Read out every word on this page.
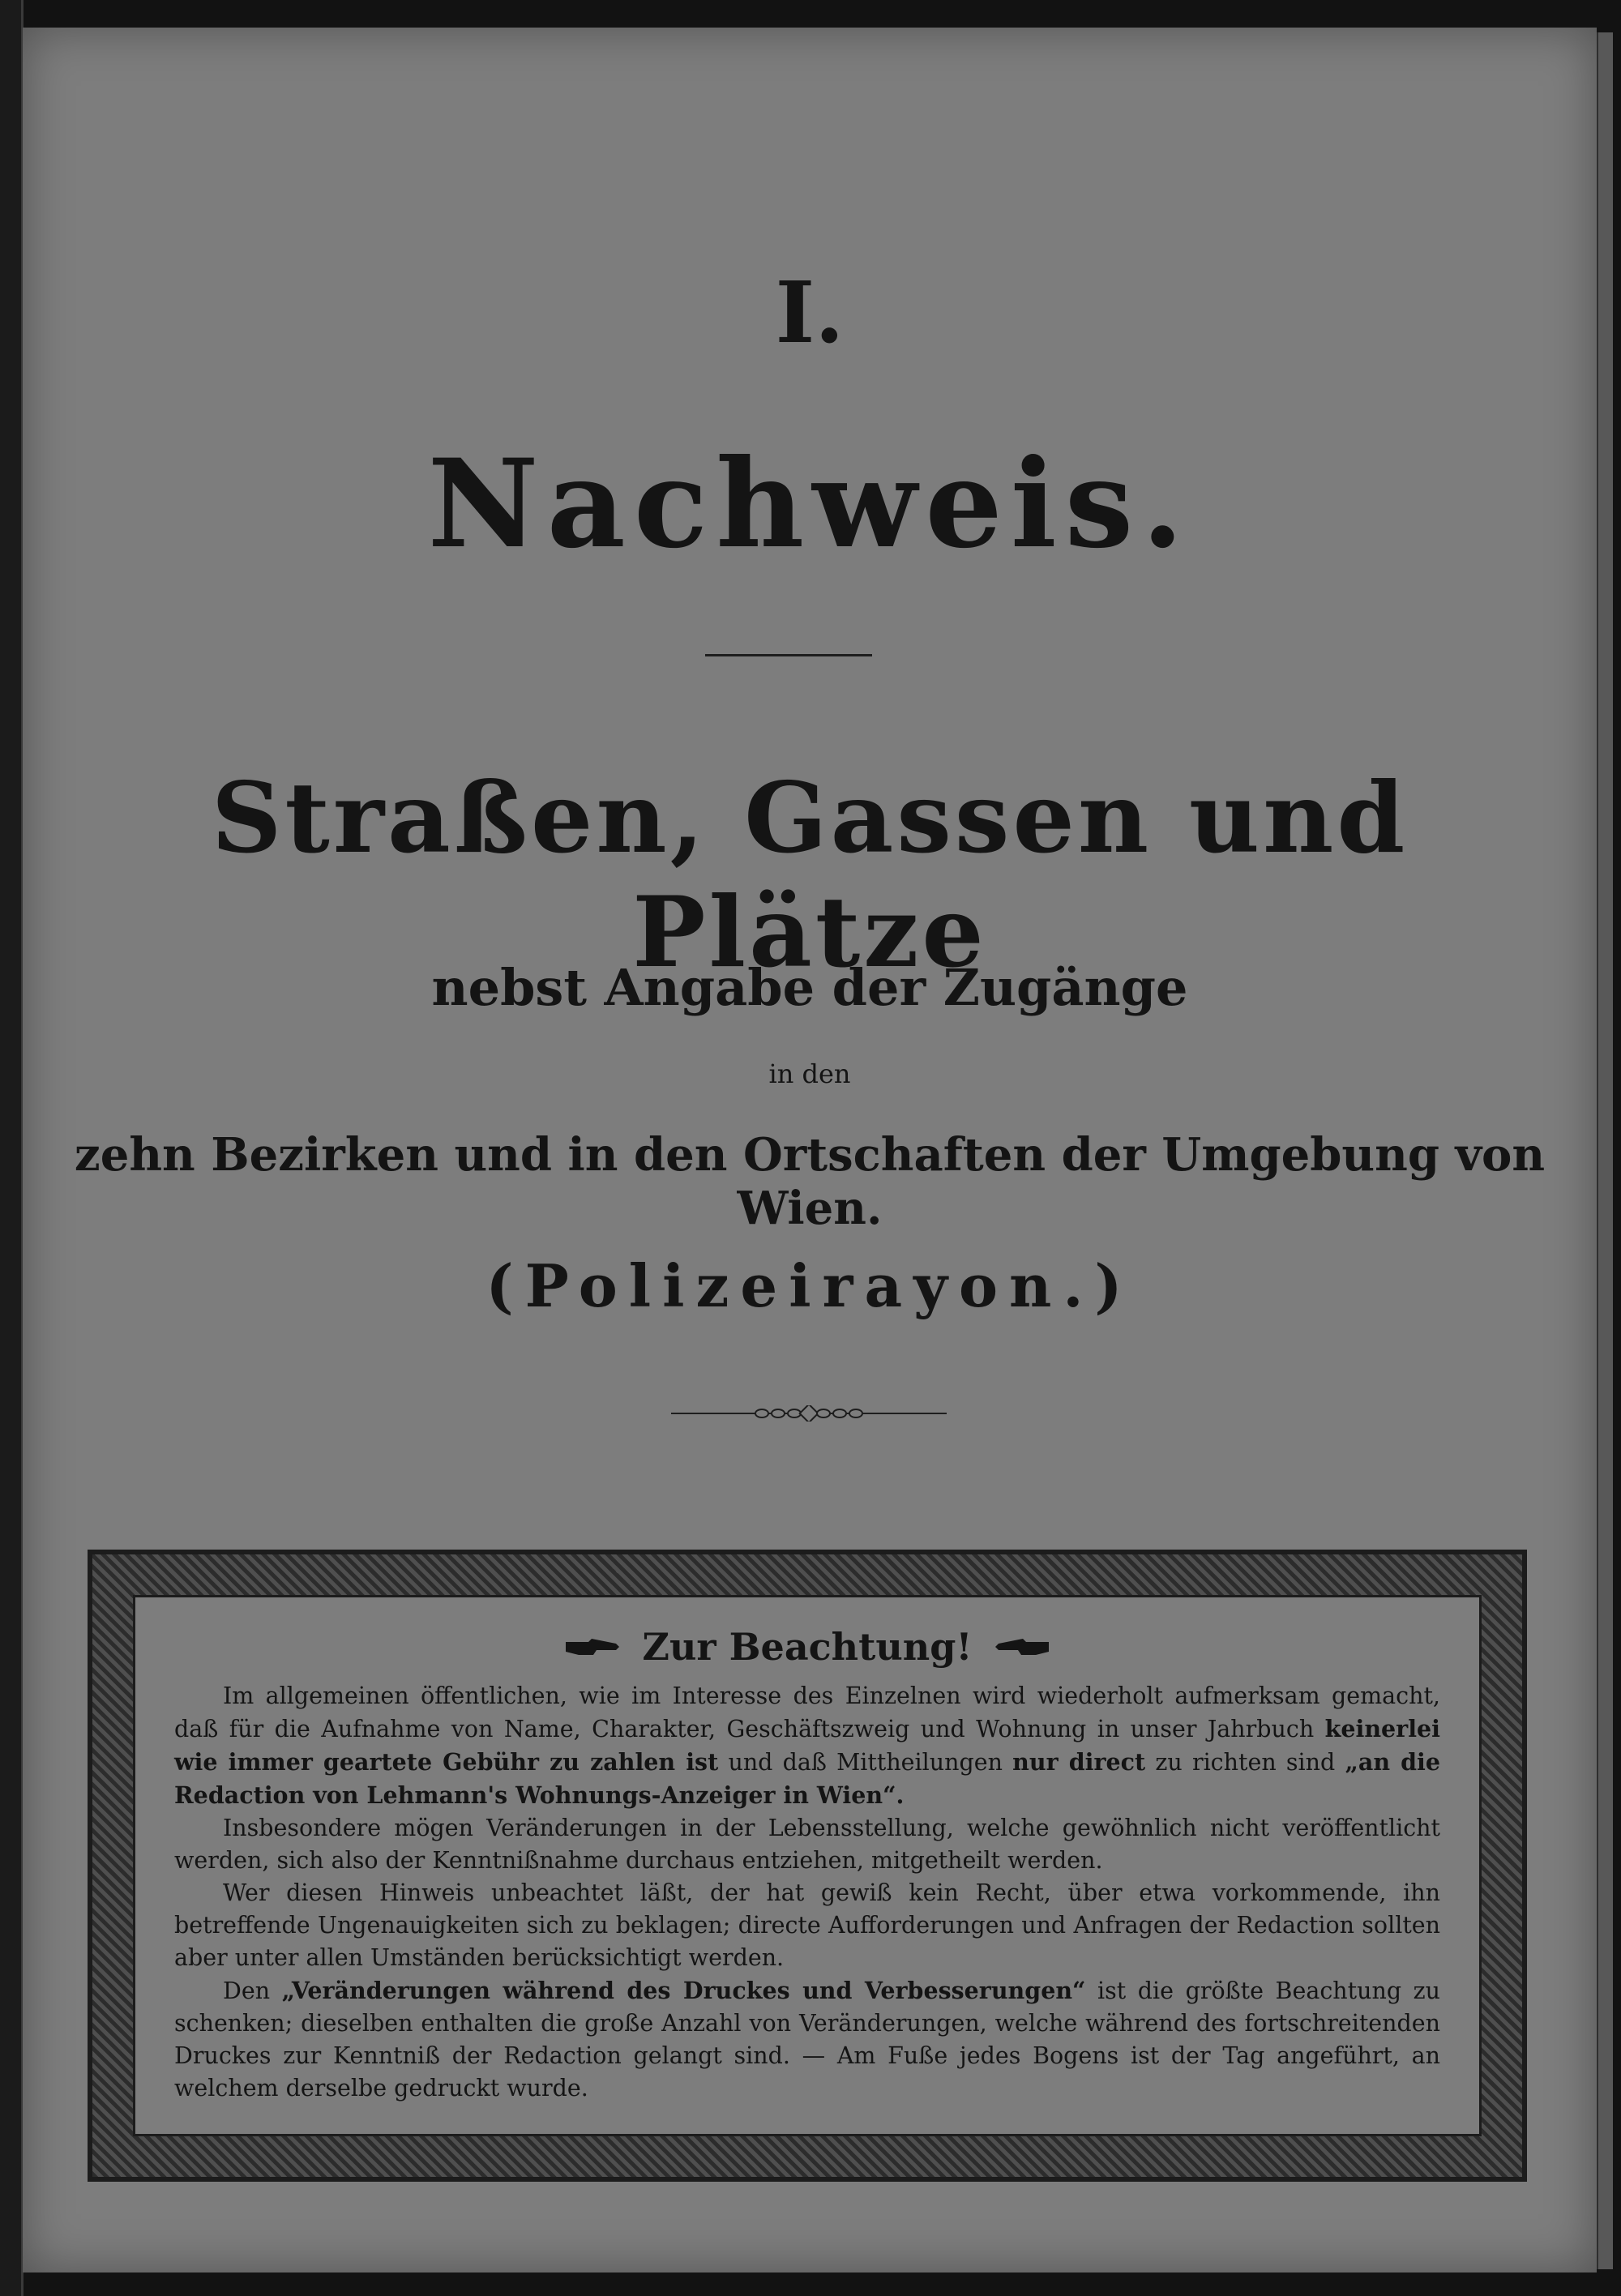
I.
Nachweis.
Straßen, Gassen und Plätze
nebst Angabe der Zugänge
in den
zehn Bezirken und in den Ortschaften der Umgebung von Wien.
(Polizeirayon.)
Zur Beachtung!

Im allgemeinen öffentlichen, wie im Interesse des Einzelnen wird wiederholt aufmerksam gemacht, daß für die Aufnahme von Name, Charakter, Geschäftszweig und Wohnung in unser Jahrbuch keinerlei wie immer geartete Gebühr zu zahlen ist und daß Mittheilungen nur direct zu richten sind „an die Redaction von Lehmann's Wohnungs-Anzeiger in Wien“.

Insbesondere mögen Veränderungen in der Lebensstellung, welche gewöhnlich nicht veröffentlicht werden, sich also der Kenntnißnahme durchaus entziehen, mitgetheilt werden.

Wer diesen Hinweis unbeachtet läßt, der hat gewiß kein Recht, über etwa vorkommende, ihn betreffende Ungenauigkeiten sich zu beklagen; directe Aufforderungen und Anfragen der Redaction sollten aber unter allen Umständen berücksichtigt werden.

Den „Veränderungen während des Druckes und Verbesserungen“ ist die größte Beachtung zu schenken; dieselben enthalten die große Anzahl von Veränderungen, welche während des fortschreitenden Druckes zur Kenntniß der Redaction gelangt sind. — Am Fuße jedes Bogens ist der Tag angeführt, an welchem derselbe gedruckt wurde.
